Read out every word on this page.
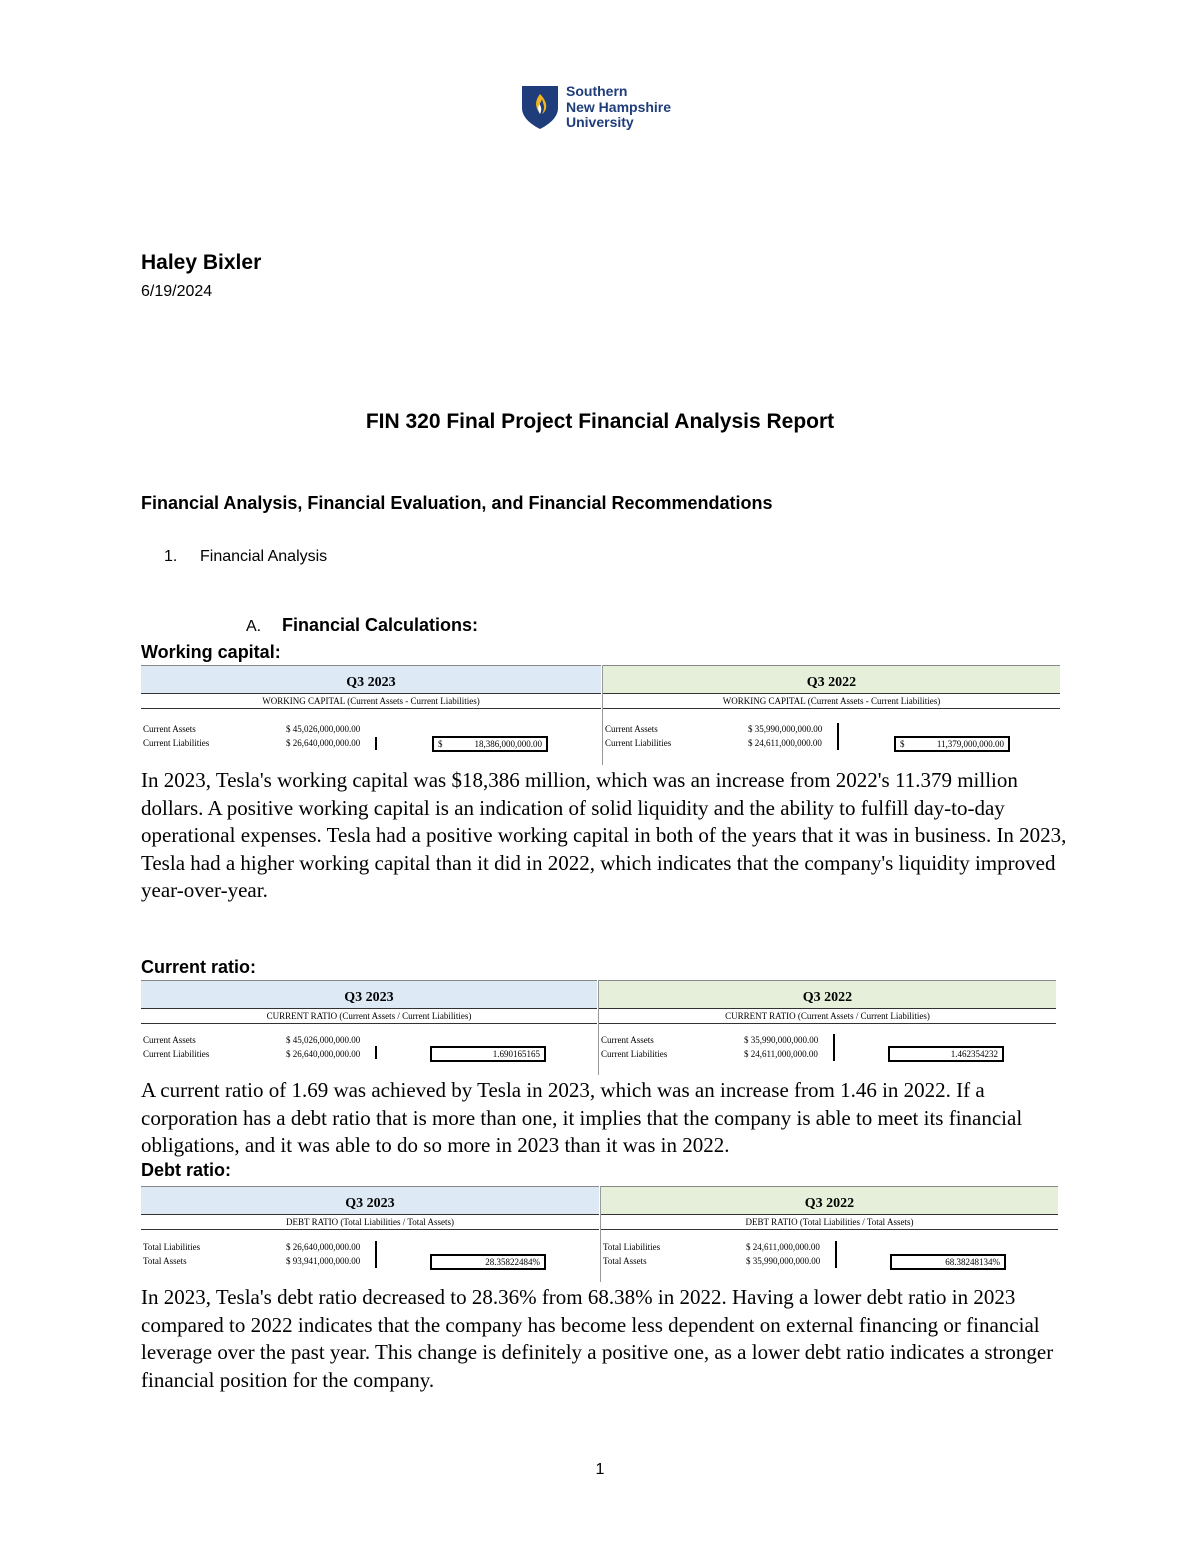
Southern
New Hampshire
University
Haley Bixler
6/19/2024
FIN 320 Final Project Financial Analysis Report
Financial Analysis, Financial Evaluation, and Financial Recommendations
1. Financial Analysis
A. Financial Calculations:
Working capital:
Q3 2023
WORKING CAPITAL (Current Assets - Current Liabilities)
Current Assets	$ 45,026,000,000.00
Current Liabilities	$ 26,640,000,000.00	$	18,386,000,000.00
Q3 2022
WORKING CAPITAL (Current Assets - Current Liabilities)
Current Assets	$ 35,990,000,000.00
Current Liabilities	$ 24,611,000,000.00	$	11,379,000,000.00
In 2023, Tesla's working capital was $18,386 million, which was an increase from 2022's 11.379 million dollars. A positive working capital is an indication of solid liquidity and the ability to fulfill day-to-day operational expenses. Tesla had a positive working capital in both of the years that it was in business. In 2023, Tesla had a higher working capital than it did in 2022, which indicates that the company's liquidity improved year-over-year.
Current ratio:
Q3 2023
CURRENT RATIO (Current Assets / Current Liabilities)
Current Assets	$ 45,026,000,000.00
Current Liabilities	$ 26,640,000,000.00	1.690165165
Q3 2022
CURRENT RATIO (Current Assets / Current Liabilities)
Current Assets	$ 35,990,000,000.00
Current Liabilities	$ 24,611,000,000.00	1.462354232
A current ratio of 1.69 was achieved by Tesla in 2023, which was an increase from 1.46 in 2022. If a corporation has a debt ratio that is more than one, it implies that the company is able to meet its financial obligations, and it was able to do so more in 2023 than it was in 2022.
Debt ratio:
Q3 2023
DEBT RATIO (Total Liabilities / Total Assets)
Total Liabilities	$ 26,640,000,000.00
Total Assets	$ 93,941,000,000.00	28.35822484%
Q3 2022
DEBT RATIO (Total Liabilities / Total Assets)
Total Liabilities	$ 24,611,000,000.00
Total Assets	$ 35,990,000,000.00	68.38248134%
In 2023, Tesla's debt ratio decreased to 28.36% from 68.38% in 2022. Having a lower debt ratio in 2023 compared to 2022 indicates that the company has become less dependent on external financing or financial leverage over the past year. This change is definitely a positive one, as a lower debt ratio indicates a stronger financial position for the company.
1
